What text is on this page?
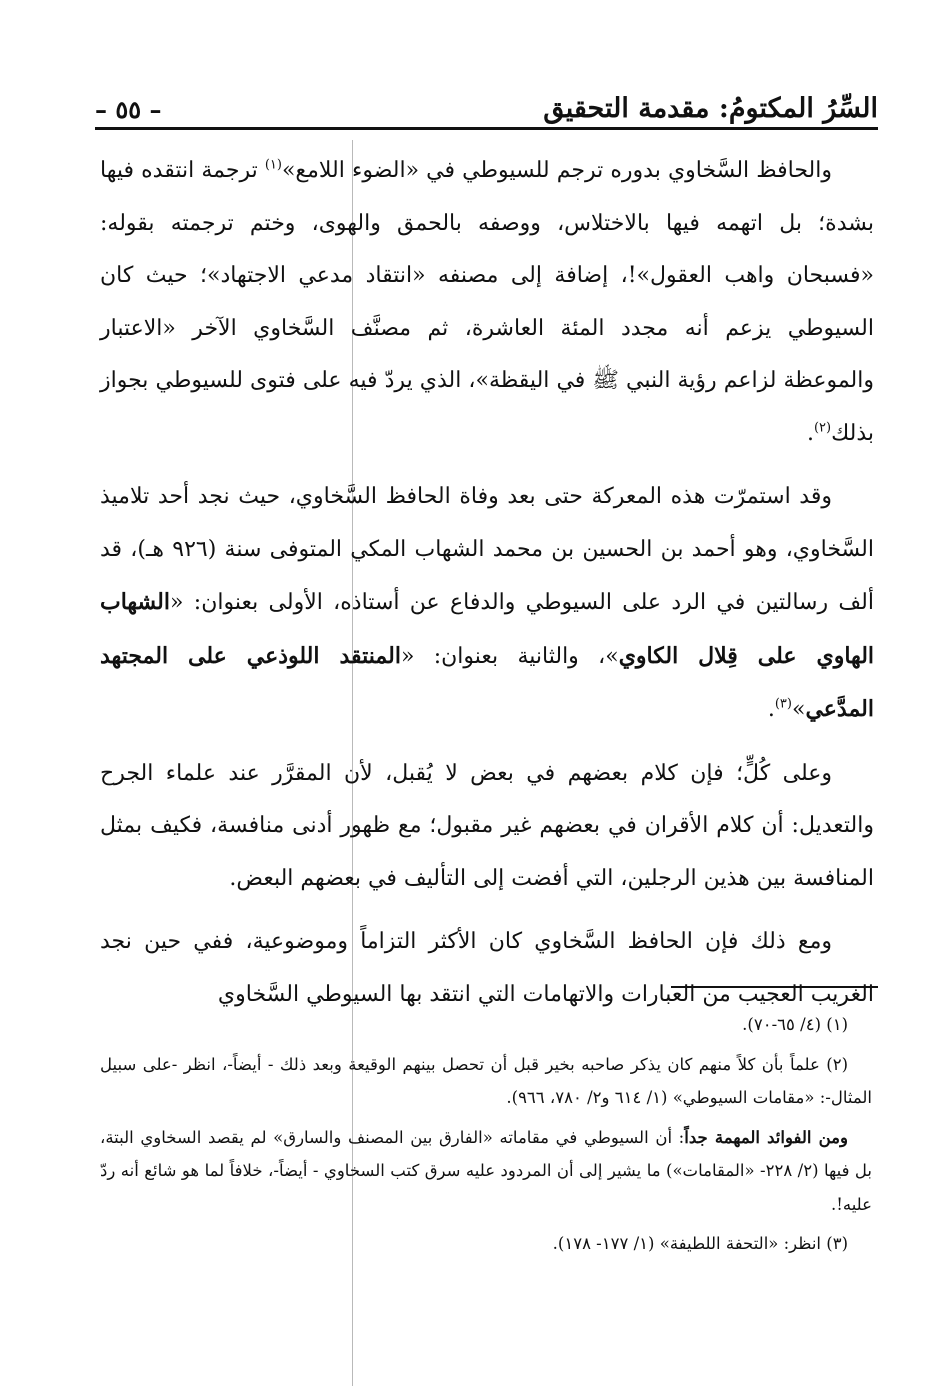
– ٥٥ –	السِّرُ المكتومُ: مقدمة التحقيق

والحافظ السَّخاوي بدوره ترجم للسيوطي في «الضوء اللامع»$^{(١)}$ ترجمة انتقده فيها بشدة؛ بل اتهمه فيها بالاختلاس، ووصفه بالحمق والهوى، وختم ترجمته بقوله: «فسبحان واهب العقول»!، إضافة إلى مصنفه «انتقاد مدعي الاجتهاد»؛ حيث كان السيوطي يزعم أنه مجدد المئة العاشرة، ثم مصنَّف السَّخاوي الآخر «الاعتبار والموعظة لزاعم رؤية النبي ﷺ في اليقظة»، الذي يردّ فيه على فتوى للسيوطي بجواز بذلك$^{(٢)}$.

وقد استمرّت هذه المعركة حتى بعد وفاة الحافظ السَّخاوي، حيث نجد أحد تلاميذ السَّخاوي، وهو أحمد بن الحسين بن محمد الشهاب المكي المتوفى سنة (٩٢٦ هـ)، قد ألف رسالتين في الرد على السيوطي والدفاع عن أستاذه، الأولى بعنوان: «الشهاب الهاوي على قِلال الكاوي»، والثانية بعنوان: «المنتقد اللوذعي على المجتهد المدَّعي»$^{(٣)}$.

وعلى كُلٍّ؛ فإن كلام بعضهم في بعض لا يُقبل، لأن المقرَّر عند علماء الجرح والتعديل: أن كلام الأقران في بعضهم غير مقبول؛ مع ظهور أدنى منافسة، فكيف بمثل المنافسة بين هذين الرجلين، التي أفضت إلى التأليف في بعضهم البعض.

ومع ذلك فإن الحافظ السَّخاوي كان الأكثر التزاماً وموضوعية، ففي حين نجد الغريب العجيب من العبارات والاتهامات التي انتقد بها السيوطي السَّخاوي

(١) (٤/ ٦٥-٧٠).

(٢) علماً بأن كلاً منهم كان يذكر صاحبه بخير قبل أن تحصل بينهم الوقيعة وبعد ذلك - أيضاً-، انظر -على سبيل المثال-: «مقامات السيوطي» (١/ ٦١٤ و٢/ ٧٨٠، ٩٦٦).

ومن الفوائد المهمة جداً: أن السيوطي في مقاماته «الفارق بين المصنف والسارق» لم يقصد السخاوي البتة، بل فيها (٢/ ٢٢٨- «المقامات») ما يشير إلى أن المردود عليه سرق كتب السخاوي - أيضاً-، خلافاً لما هو شائع أنه ردّ عليه!.

(٣) انظر: «التحفة اللطيفة» (١/ ١٧٧- ١٧٨).
